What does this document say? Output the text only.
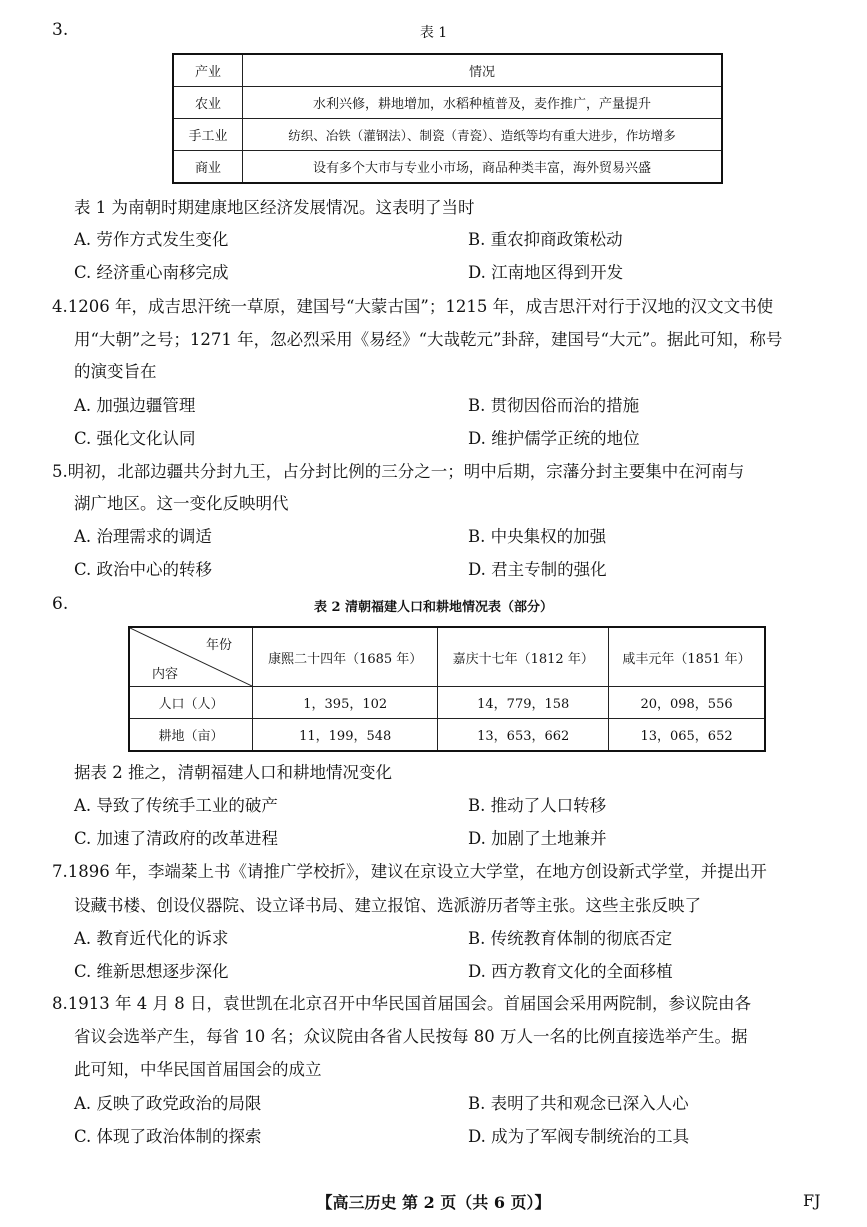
3.	表 1
产业	情况
农业	水利兴修，耕地增加，水稻种植普及，麦作推广，产量提升
手工业	纺织、冶铁（灌钢法）、制瓷（青瓷）、造纸等均有重大进步，作坊增多
商业	设有多个大市与专业小市场，商品种类丰富，海外贸易兴盛
表 1 为南朝时期建康地区经济发展情况。这表明了当时
A. 劳作方式发生变化	B. 重农抑商政策松动
C. 经济重心南移完成	D. 江南地区得到开发
4.1206 年，成吉思汗统一草原，建国号“大蒙古国”；1215 年，成吉思汗对行于汉地的汉文文书使
用“大朝”之号；1271 年，忽必烈采用《易经》“大哉乾元”卦辞，建国号“大元”。据此可知，称号
的演变旨在
A. 加强边疆管理	B. 贯彻因俗而治的措施
C. 强化文化认同	D. 维护儒学正统的地位
5.明初，北部边疆共分封九王，占分封比例的三分之一；明中后期，宗藩分封主要集中在河南与
湖广地区。这一变化反映明代
A. 治理需求的调适	B. 中央集权的加强
C. 政治中心的转移	D. 君主专制的强化
6.	表 2 清朝福建人口和耕地情况表（部分）
年份
内容	康熙二十四年（1685 年）	嘉庆十七年（1812 年）	咸丰元年（1851 年）
人口（人）	1，395，102	14，779，158	20，098，556
耕地（亩）	11，199，548	13，653，662	13，065，652
据表 2 推之，清朝福建人口和耕地情况变化
A. 导致了传统手工业的破产	B. 推动了人口转移
C. 加速了清政府的改革进程	D. 加剧了土地兼并
7.1896 年，李端棻上书《请推广学校折》，建议在京设立大学堂，在地方创设新式学堂，并提出开
设藏书楼、创设仪器院、设立译书局、建立报馆、选派游历者等主张。这些主张反映了
A. 教育近代化的诉求	B. 传统教育体制的彻底否定
C. 维新思想逐步深化	D. 西方教育文化的全面移植
8.1913 年 4 月 8 日，袁世凯在北京召开中华民国首届国会。首届国会采用两院制，参议院由各
省议会选举产生，每省 10 名；众议院由各省人民按每 80 万人一名的比例直接选举产生。据
此可知，中华民国首届国会的成立
A. 反映了政党政治的局限	B. 表明了共和观念已深入人心
C. 体现了政治体制的探索	D. 成为了军阀专制统治的工具
【高三历史 第 2 页（共 6 页）】	FJ
